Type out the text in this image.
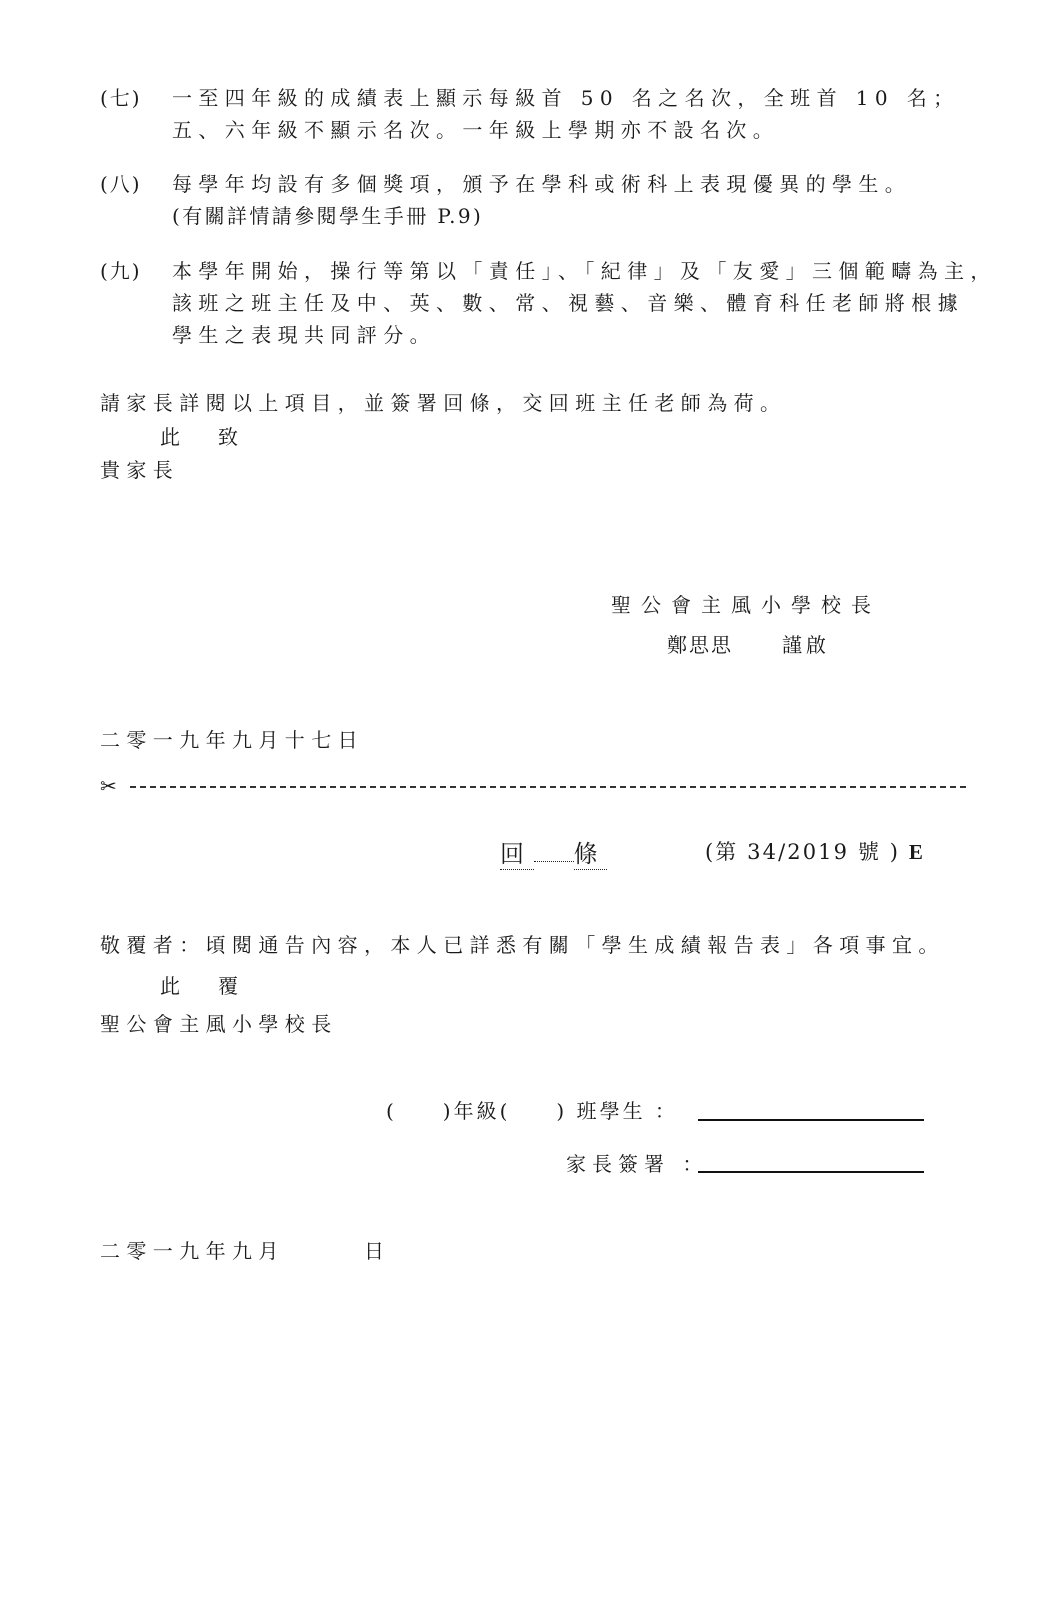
(七) 一至四年級的成績表上顯示每級首 50 名之名次，全班首 10 名；
五、六年級不顯示名次。一年級上學期亦不設名次。
(八) 每學年均設有多個獎項，頒予在學科或術科上表現優異的學生。
(有關詳情請參閱學生手冊 P.9)
(九) 本學年開始，操行等第以「責任」、「紀律」及「友愛」三個範疇為主，
該班之班主任及中、英、數、常、視藝、音樂、體育科任老師將根據
學生之表現共同評分。
請家長詳閱以上項目，並簽署回條，交回班主任老師為荷。
此 致
貴家長
聖公會主風小學校長
鄭思思 謹啟
二零一九年九月十七日
✂
回 條	(第 34/2019 號 ) E
敬覆者：頃閱通告內容，本人已詳悉有關「學生成績報告表」各項事宜。
此 覆
聖公會主風小學校長
(　　)年級(　　) 班學生 ：
家長簽署 ：
二零一九年九月　　　日
